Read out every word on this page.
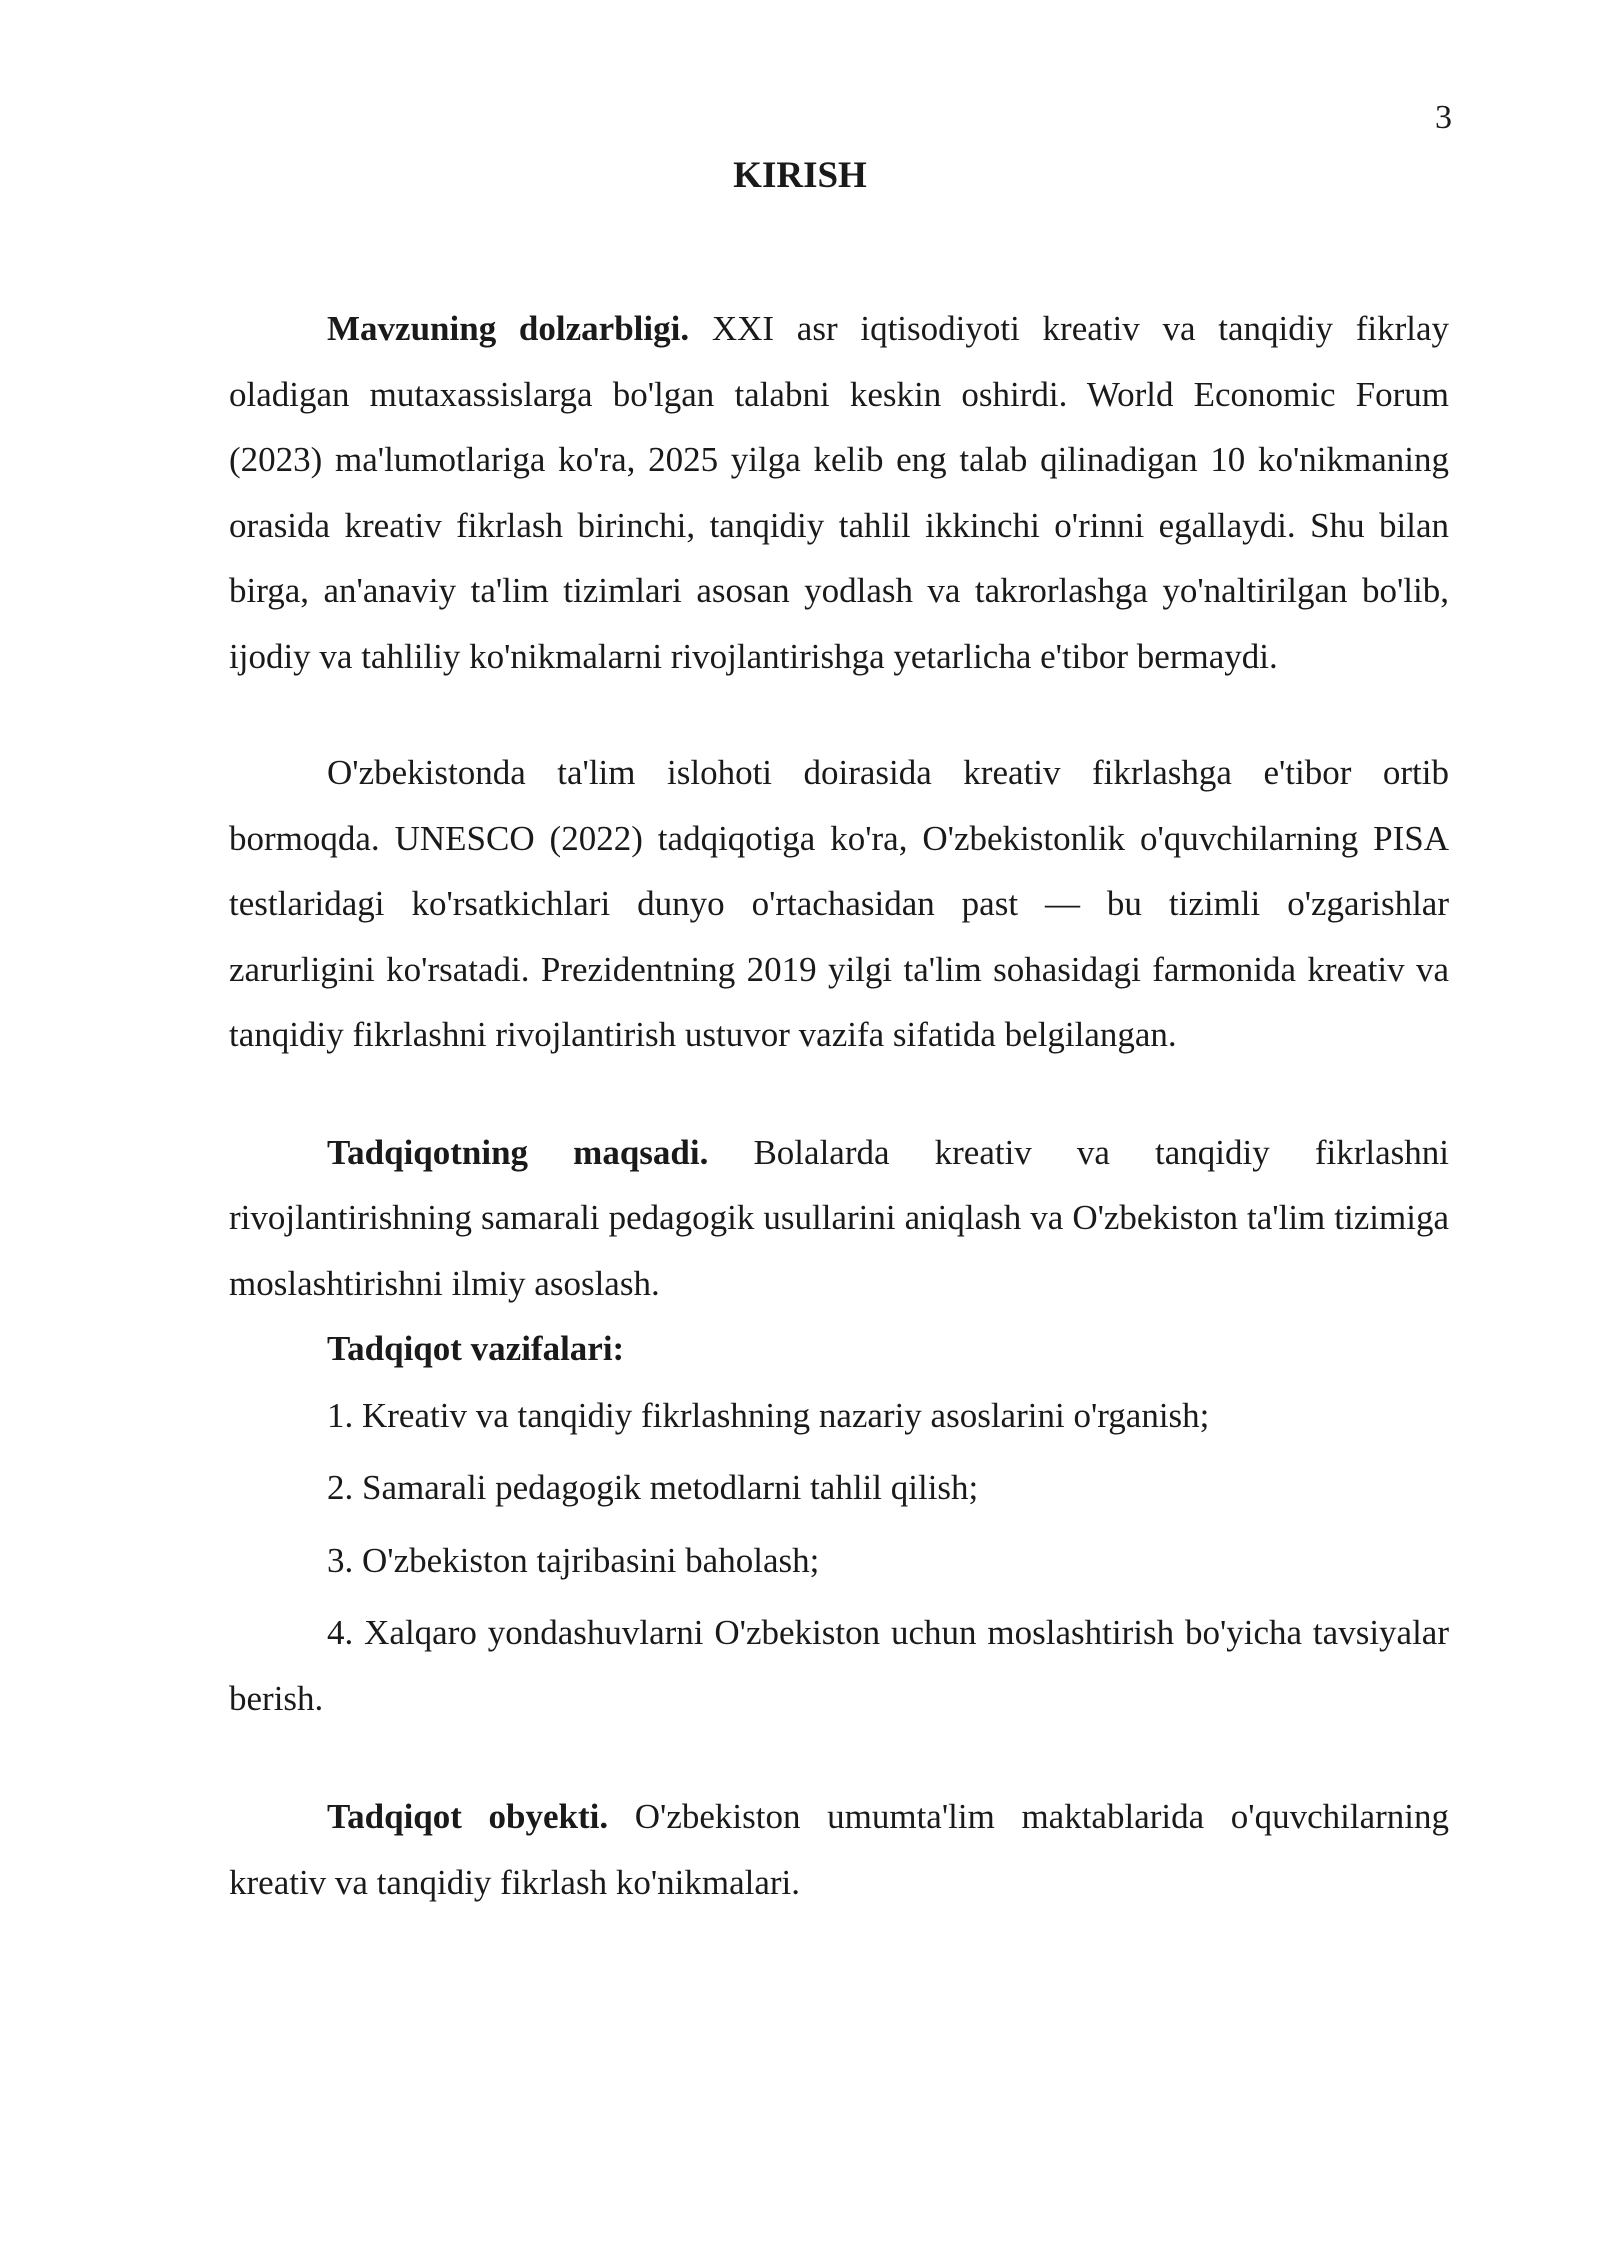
3
KIRISH

Mavzuning dolzarbligi. XXI asr iqtisodiyoti kreativ va tanqidiy fikrlay oladigan mutaxassislarga bo'lgan talabni keskin oshirdi. World Economic Forum (2023) ma'lumotlariga ko'ra, 2025 yilga kelib eng talab qilinadigan 10 ko'nikmaning orasida kreativ fikrlash birinchi, tanqidiy tahlil ikkinchi o'rinni egallaydi. Shu bilan birga, an'anaviy ta'lim tizimlari asosan yodlash va takrorlashga yo'naltirilgan bo'lib, ijodiy va tahliliy ko'nikmalarni rivojlantirishga yetarlicha e'tibor bermaydi.

O'zbekistonda ta'lim islohoti doirasida kreativ fikrlashga e'tibor ortib bormoqda. UNESCO (2022) tadqiqotiga ko'ra, O'zbekistonlik o'quvchilarning PISA testlaridagi ko'rsatkichlari dunyo o'rtachasidan past — bu tizimli o'zgarishlar zarurligini ko'rsatadi. Prezidentning 2019 yilgi ta'lim sohasidagi farmonida kreativ va tanqidiy fikrlashni rivojlantirish ustuvor vazifa sifatida belgilangan.

Tadqiqotning maqsadi. Bolalarda kreativ va tanqidiy fikrlashni rivojlantirishning samarali pedagogik usullarini aniqlash va O'zbekiston ta'lim tizimiga moslashtirishni ilmiy asoslash.

Tadqiqot vazifalari:

1. Kreativ va tanqidiy fikrlashning nazariy asoslarini o'rganish;

2. Samarali pedagogik metodlarni tahlil qilish;

3. O'zbekiston tajribasini baholash;

4. Xalqaro yondashuvlarni O'zbekiston uchun moslashtirish bo'yicha tavsiyalar berish.

Tadqiqot obyekti. O'zbekiston umumta'lim maktablarida o'quvchilarning kreativ va tanqidiy fikrlash ko'nikmalari.
